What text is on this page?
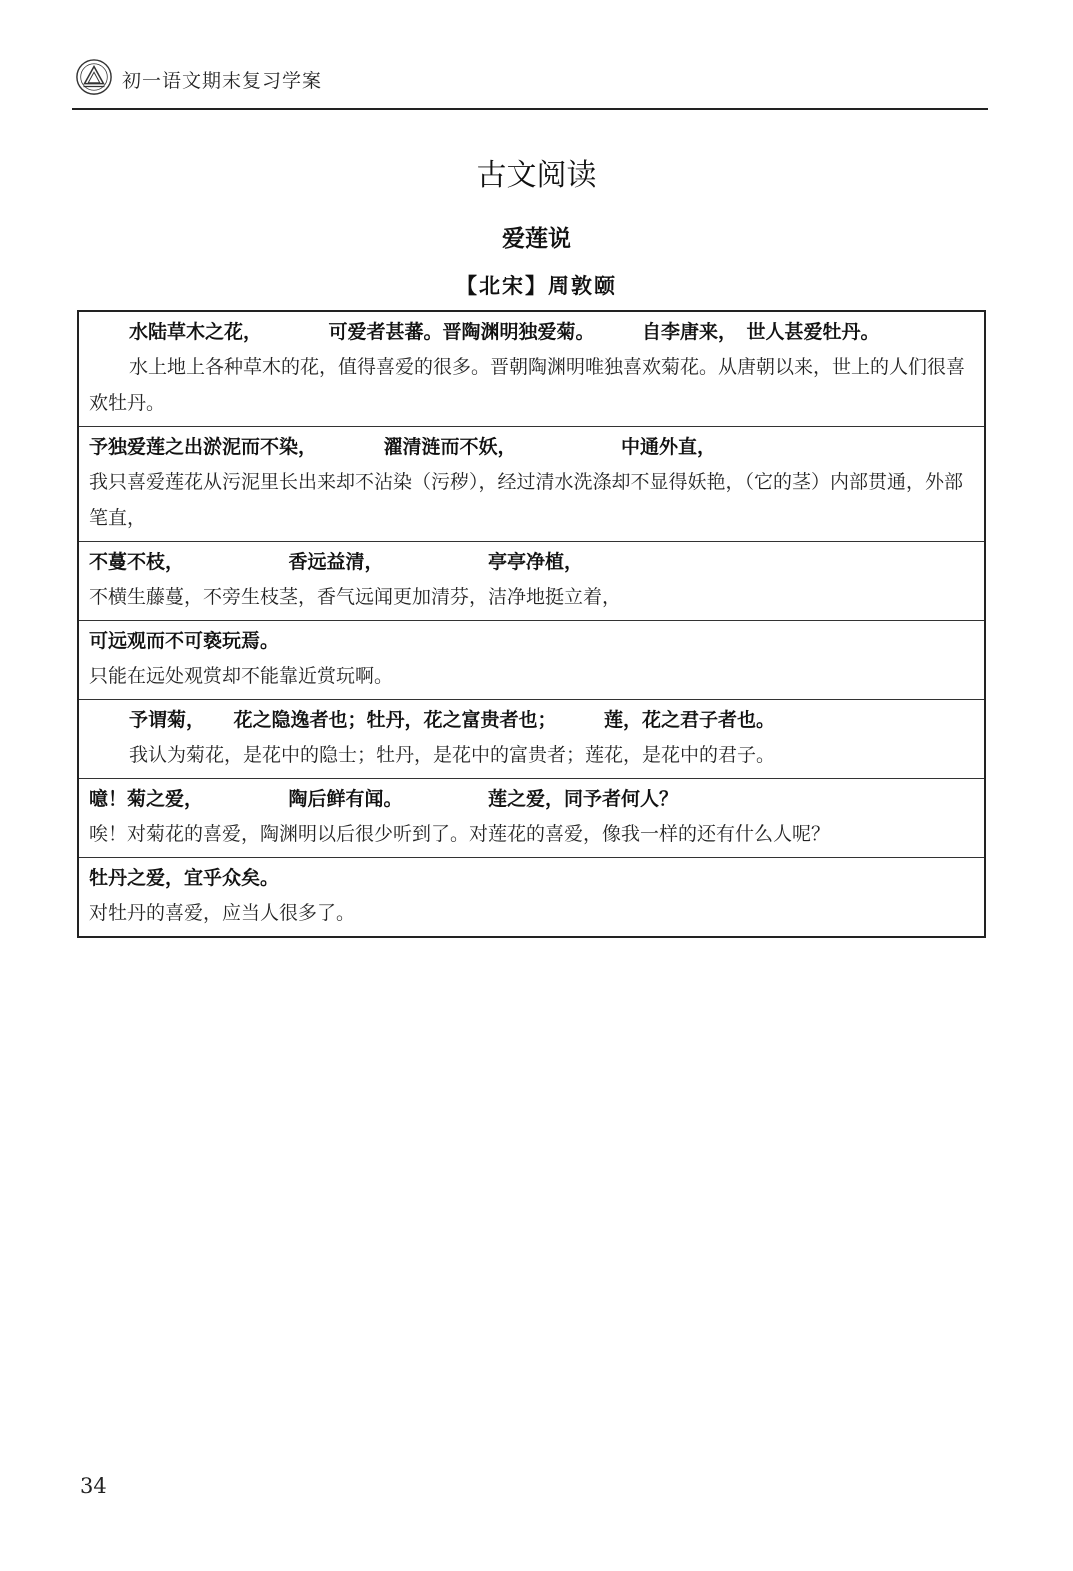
初一语文期末复习学案
古文阅读
爱莲说
【北宋】周敦颐
水陆草木之花，　　　　可爱者甚蕃。晋陶渊明独爱菊。　　　自李唐来，　世人甚爱牡丹。
水上地上各种草木的花，值得喜爱的很多。晋朝陶渊明唯独喜欢菊花。从唐朝以来，世上的人们很喜欢牡丹。
予独爱莲之出淤泥而不染，　　　　濯清涟而不妖，　　　　　　中通外直，
我只喜爱莲花从污泥里长出来却不沾染（污秽），经过清水洗涤却不显得妖艳，（它的茎）内部贯通，外部笔直，
不蔓不枝，　　　　　　香远益清，　　　　　　亭亭净植，
不横生藤蔓，不旁生枝茎，香气远闻更加清芬，洁净地挺立着，
可远观而不可亵玩焉。
只能在远处观赏却不能靠近赏玩啊。
予谓菊，　　花之隐逸者也；牡丹，花之富贵者也；　　　莲，花之君子者也。
我认为菊花，是花中的隐士；牡丹，是花中的富贵者；莲花，是花中的君子。
噫！菊之爱，　　　　　陶后鲜有闻。　　　　　莲之爱，同予者何人？
唉！对菊花的喜爱，陶渊明以后很少听到了。对莲花的喜爱，像我一样的还有什么人呢？
牡丹之爱，宜乎众矣。
对牡丹的喜爱，应当人很多了。
34
